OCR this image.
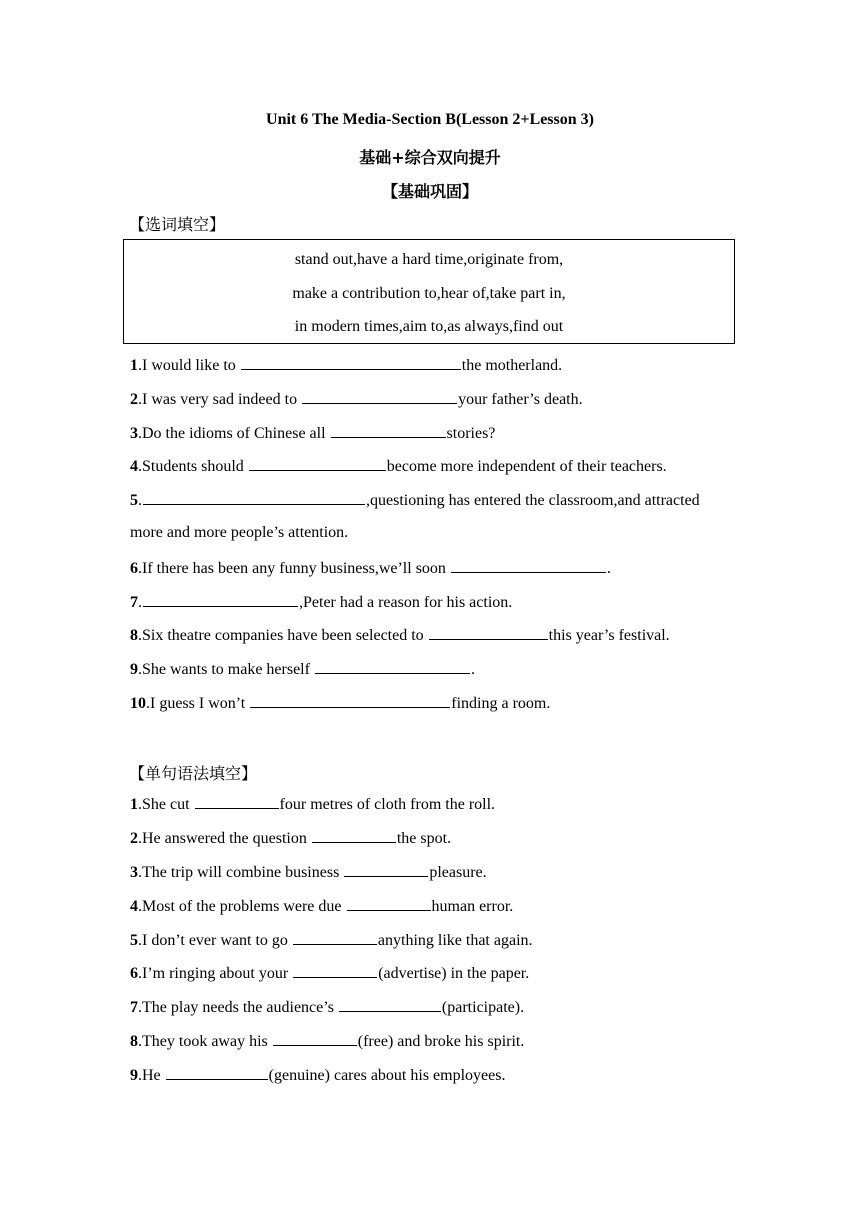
Unit 6 The Media-Section B(Lesson 2+Lesson 3)
基础+综合双向提升
【基础巩固】
【选词填空】
stand out,have a hard time,originate from,
make a contribution to,hear of,take part in,
in modern times,aim to,as always,find out
1.I would like to	the motherland.
2.I was very sad indeed to	your father’s death.
3.Do the idioms of Chinese all	stories?
4.Students should	become more independent of their teachers.
5.	,questioning has entered the classroom,and attracted
more and more people’s attention.
6.If there has been any funny business,we’ll soon	.
7.	,Peter had a reason for his action.
8.Six theatre companies have been selected to	this year’s festival.
9.She wants to make herself	.
10.I guess I won’t	finding a room.
【单句语法填空】
1.She cut	four metres of cloth from the roll.
2.He answered the question	the spot.
3.The trip will combine business	pleasure.
4.Most of the problems were due	human error.
5.I don’t ever want to go	anything like that again.
6.I’m ringing about your	(advertise) in the paper.
7.The play needs the audience’s	(participate).
8.They took away his	(free) and broke his spirit.
9.He	(genuine) cares about his employees.
